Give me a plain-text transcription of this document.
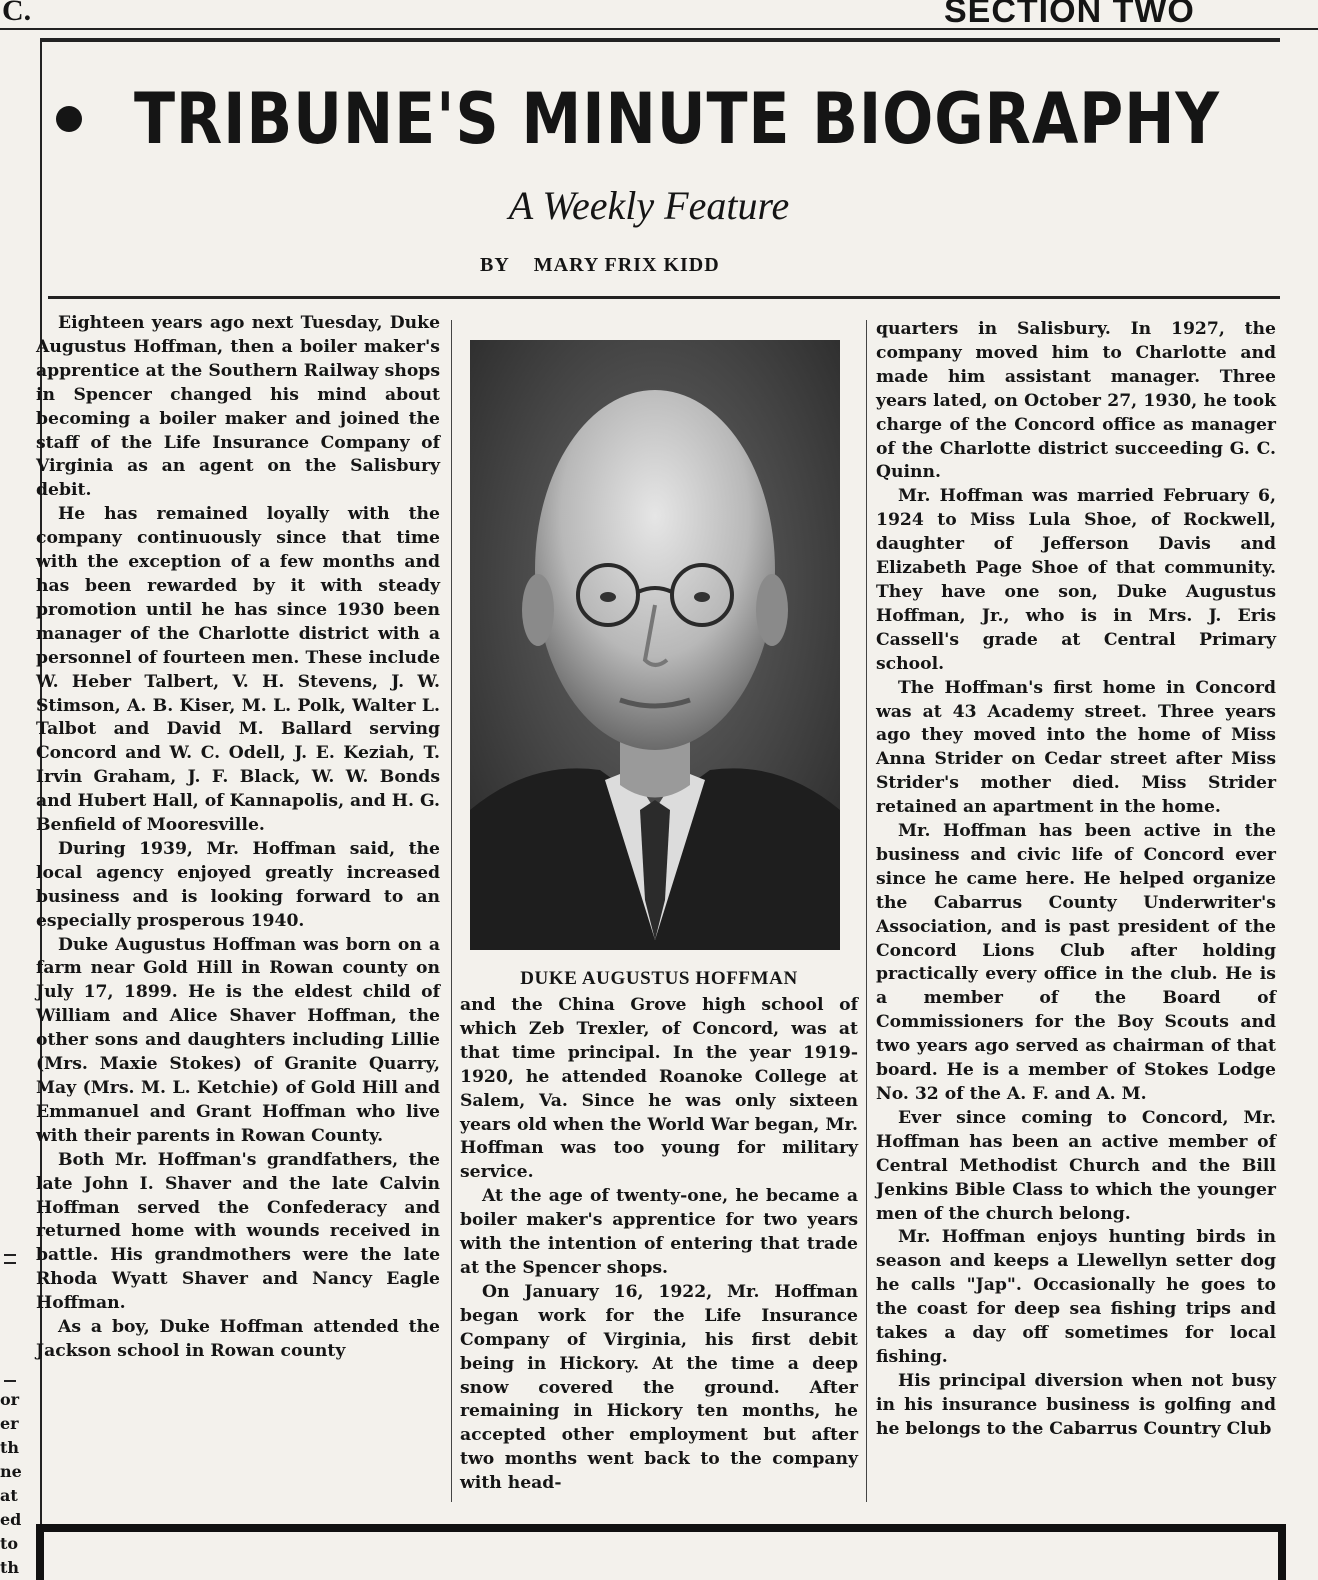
C.	SECTION TWO
TRIBUNE'S MINUTE BIOGRAPHY
A Weekly Feature
BY MARY FRIX KIDD

Eighteen years ago next Tuesday, Duke Augustus Hoffman, then a boiler maker's apprentice at the Southern Railway shops in Spencer changed his mind about becoming a boiler maker and joined the staff of the Life Insurance Company of Virginia as an agent on the Salisbury debit.

He has remained loyally with the company continuously since that time with the exception of a few months and has been rewarded by it with steady promotion until he has since 1930 been manager of the Charlotte district with a personnel of fourteen men. These include W. Heber Talbert, V. H. Stevens, J. W. Stimson, A. B. Kiser, M. L. Polk, Walter L. Talbot and David M. Ballard serving Concord and W. C. Odell, J. E. Keziah, T. Irvin Graham, J. F. Black, W. W. Bonds and Hubert Hall, of Kannapolis, and H. G. Benfield of Mooresville.

During 1939, Mr. Hoffman said, the local agency enjoyed greatly increased business and is looking forward to an especially prosperous 1940.

Duke Augustus Hoffman was born on a farm near Gold Hill in Rowan county on July 17, 1899. He is the eldest child of William and Alice Shaver Hoffman, the other sons and daughters including Lillie (Mrs. Maxie Stokes) of Granite Quarry, May (Mrs. M. L. Ketchie) of Gold Hill and Emmanuel and Grant Hoffman who live with their parents in Rowan County.

Both Mr. Hoffman's grandfathers, the late John I. Shaver and the late Calvin Hoffman served the Confederacy and returned home with wounds received in battle. His grandmothers were the late Rhoda Wyatt Shaver and Nancy Eagle Hoffman.

As a boy, Duke Hoffman attended the Jackson school in Rowan county

DUKE AUGUSTUS HOFFMAN

and the China Grove high school of which Zeb Trexler, of Concord, was at that time principal. In the year 1919-1920, he attended Roanoke College at Salem, Va. Since he was only sixteen years old when the World War began, Mr. Hoffman was too young for military service.

At the age of twenty-one, he became a boiler maker's apprentice for two years with the intention of entering that trade at the Spencer shops.

On January 16, 1922, Mr. Hoffman began work for the Life Insurance Company of Virginia, his first debit being in Hickory. At the time a deep snow covered the ground. After remaining in Hickory ten months, he accepted other employment but after two months went back to the company with head-

quarters in Salisbury. In 1927, the company moved him to Charlotte and made him assistant manager. Three years lated, on October 27, 1930, he took charge of the Concord office as manager of the Charlotte district succeeding G. C. Quinn.

Mr. Hoffman was married February 6, 1924 to Miss Lula Shoe, of Rockwell, daughter of Jefferson Davis and Elizabeth Page Shoe of that community. They have one son, Duke Augustus Hoffman, Jr., who is in Mrs. J. Eris Cassell's grade at Central Primary school.

The Hoffman's first home in Concord was at 43 Academy street. Three years ago they moved into the home of Miss Anna Strider on Cedar street after Miss Strider's mother died. Miss Strider retained an apartment in the home.

Mr. Hoffman has been active in the business and civic life of Concord ever since he came here. He helped organize the Cabarrus County Underwriter's Association, and is past president of the Concord Lions Club after holding practically every office in the club. He is a member of the Board of Commissioners for the Boy Scouts and two years ago served as chairman of that board. He is a member of Stokes Lodge No. 32 of the A. F. and A. M.

Ever since coming to Concord, Mr. Hoffman has been an active member of Central Methodist Church and the Bill Jenkins Bible Class to which the younger men of the church belong.

Mr. Hoffman enjoys hunting birds in season and keeps a Llewellyn setter dog he calls "Jap". Occasionally he goes to the coast for deep sea fishing trips and takes a day off sometimes for local fishing.

His principal diversion when not busy in his insurance business is golfing and he belongs to the Cabarrus Country Club

or
er
th
ne
at
ed
to
th
